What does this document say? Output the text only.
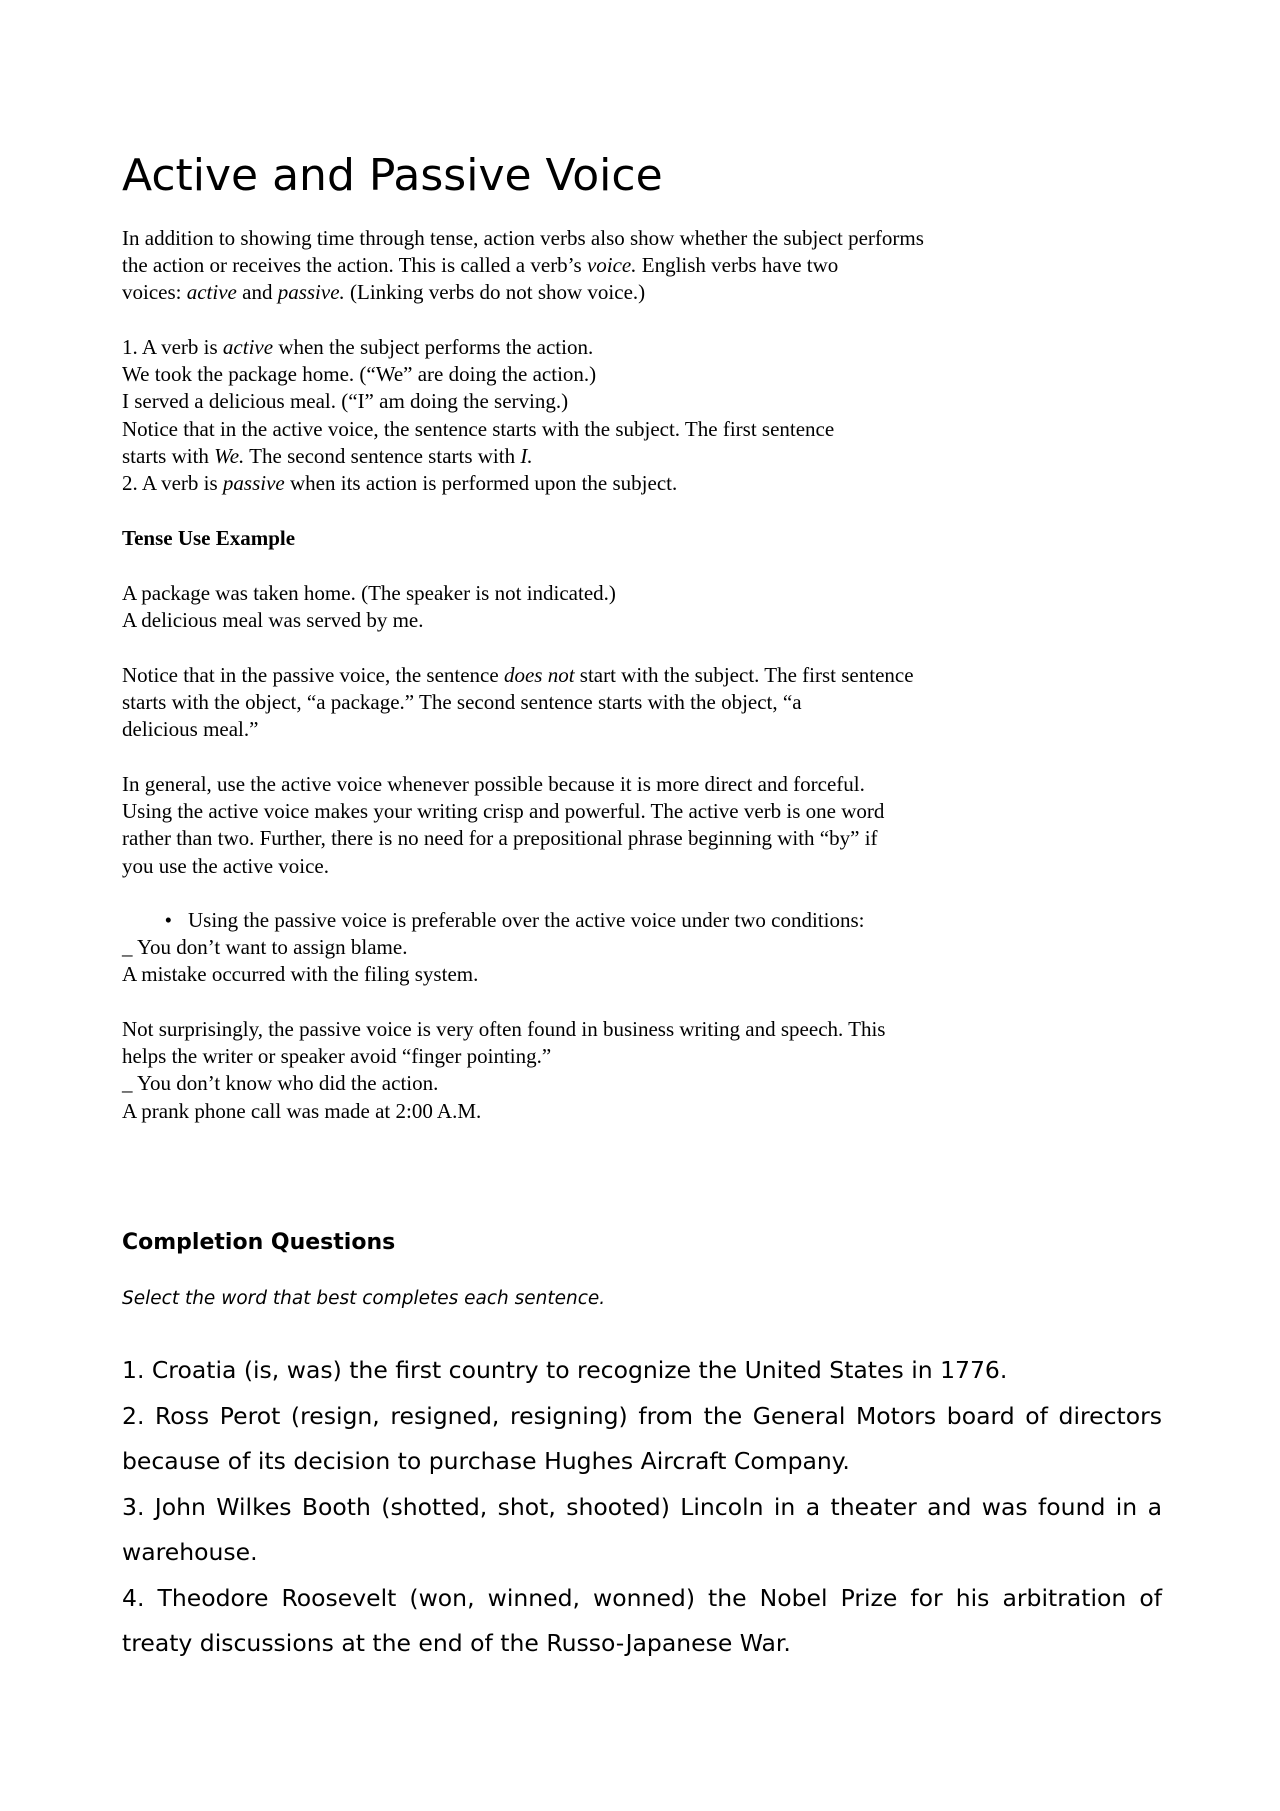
Active and Passive Voice
In addition to showing time through tense, action verbs also show whether the subject performs
the action or receives the action. This is called a verb’s voice. English verbs have two
voices: active and passive. (Linking verbs do not show voice.)
1. A verb is active when the subject performs the action.
We took the package home. (“We” are doing the action.)
I served a delicious meal. (“I” am doing the serving.)
Notice that in the active voice, the sentence starts with the subject. The first sentence
starts with We. The second sentence starts with I.
2. A verb is passive when its action is performed upon the subject.
Tense Use Example
A package was taken home. (The speaker is not indicated.)
A delicious meal was served by me.
Notice that in the passive voice, the sentence does not start with the subject. The first sentence
starts with the object, “a package.” The second sentence starts with the object, “a
delicious meal.”
In general, use the active voice whenever possible because it is more direct and forceful.
Using the active voice makes your writing crisp and powerful. The active verb is one word
rather than two. Further, there is no need for a prepositional phrase beginning with “by” if
you use the active voice.
• Using the passive voice is preferable over the active voice under two conditions:
_ You don’t want to assign blame.
A mistake occurred with the filing system.
Not surprisingly, the passive voice is very often found in business writing and speech. This
helps the writer or speaker avoid “finger pointing.”
_ You don’t know who did the action.
A prank phone call was made at 2:00 A.M.
Completion Questions

Select the word that best completes each sentence.

1. Croatia (is, was) the first country to recognize the United States in 1776.

2. Ross Perot (resign, resigned, resigning) from the General Motors board of directors because of its decision to purchase Hughes Aircraft Company.

3. John Wilkes Booth (shotted, shot, shooted) Lincoln in a theater and was found in a warehouse.

4. Theodore Roosevelt (won, winned, wonned) the Nobel Prize for his arbitration of treaty discussions at the end of the Russo-Japanese War.
